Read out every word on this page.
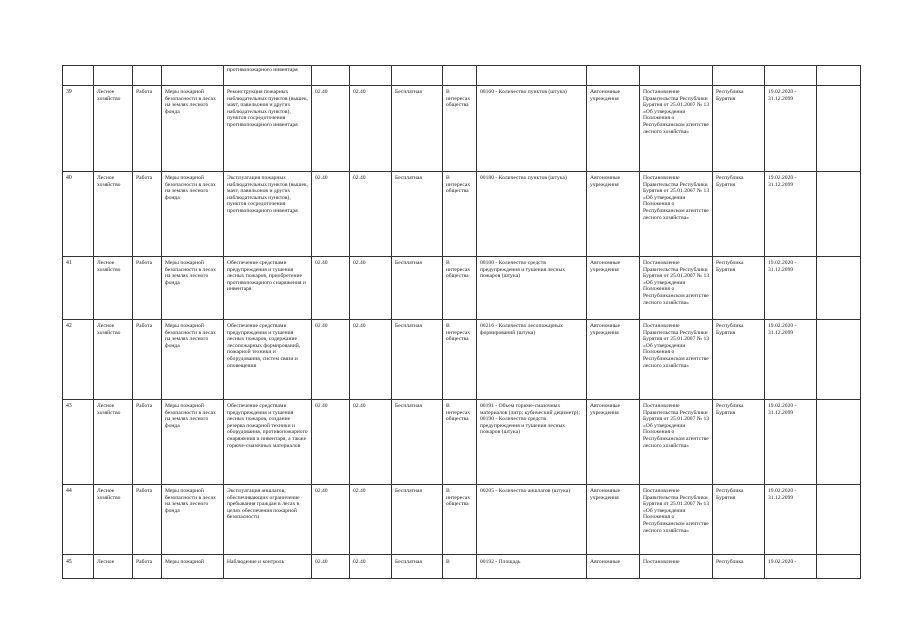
				противопожарного инвентаря										
39	Лесное хозяйство	Работа	Меры пожарной безопасности в лесах на землях лесного фонда	Реконструкция пожарных наблюдательных пунктов (вышек, мачт, павильонов и других наблюдательных пунктов), пунктов сосредоточения противопожарного инвентаря	02.40	02.40	Бесплатная	В интересах общества	00160 - Количество пунктов (штука)	Автономные учреждения	Постановление Правительства Республики Бурятия от 25.01.2007 № 13 «Об утверждении Положения о Республиканском агентстве лесного хозяйства»	Республика Бурятия	19.02.2020 - 31.12.2099	
40	Лесное хозяйство	Работа	Меры пожарной безопасности в лесах на землях лесного фонда	Эксплуатация пожарных наблюдательных пунктов (вышек, мачт, павильонов и других наблюдательных пунктов), пунктов сосредоточения противопожарного инвентаря	02.40	02.40	Бесплатная	В интересах общества	00180 - Количество пунктов (штука)	Автономные учреждения	Постановление Правительства Республики Бурятия от 25.01.2007 № 13 «Об утверждении Положения о Республиканском агентстве лесного хозяйства»	Республика Бурятия	19.02.2020 - 31.12.2099	
41	Лесное хозяйство	Работа	Меры пожарной безопасности в лесах на землях лесного фонда	Обеспечение средствами предупреждения и тушения лесных пожаров, приобретение противопожарного снаряжения и инвентаря	02.40	02.40	Бесплатная	В интересах общества	00100 - Количество средств предупреждения и тушения лесных пожаров (штука)	Автономные учреждения	Постановление Правительства Республики Бурятия от 25.01.2007 № 13 «Об утверждении Положения о Республиканском агентстве лесного хозяйства»	Республика Бурятия	19.02.2020 - 31.12.2099	
42	Лесное хозяйство	Работа	Меры пожарной безопасности в лесах на землях лесного фонда	Обеспечение средствами предупреждения и тушения лесных пожаров, содержание лесопожарных формирований, пожарной техники и оборудования, систем связи и оповещения	02.40	02.40	Бесплатная	В интересах общества	00216 - Количество лесопожарных формирований (штука)	Автономные учреждения	Постановление Правительства Республики Бурятия от 25.01.2007 № 13 «Об утверждении Положения о Республиканском агентстве лесного хозяйства»	Республика Бурятия	19.02.2020 - 31.12.2099	
43	Лесное хозяйство	Работа	Меры пожарной безопасности в лесах на землях лесного фонда	Обеспечение средствами предупреждения и тушения лесных пожаров, создание резерва пожарной техники и оборудования, противопожарного снаряжения и инвентаря, а также горюче-смазочных материалов	02.40	02.40	Бесплатная	В интересах общества	00191 - Объем горюче-смазочных материалов (литр; кубический дециметр); 00190 - Количество средств предупреждения и тушения лесных пожаров (штука)	Автономные учреждения	Постановление Правительства Республики Бурятия от 25.01.2007 № 13 «Об утверждении Положения о Республиканском агентстве лесного хозяйства»	Республика Бурятия	19.02.2020 - 31.12.2099	
44	Лесное хозяйство	Работа	Меры пожарной безопасности в лесах на землях лесного фонда	Эксплуатация аншлагов, обеспечивающих ограничение пребывания граждан в лесах в целях обеспечения пожарной безопасности	02.40	02.40	Бесплатная	В интересах общества	00205 - Количество аншлагов (штука)	Автономные учреждения	Постановление Правительства Республики Бурятия от 25.01.2007 № 13 «Об утверждении Положения о Республиканском агентстве лесного хозяйства»	Республика Бурятия	19.02.2020 - 31.12.2099	
45	Лесное	Работа	Меры пожарной	Наблюдение и контроль	02.40	02.40	Бесплатная	В	00192 - Площадь	Автономные	Постановление	Республика	19.02.2020 -	
